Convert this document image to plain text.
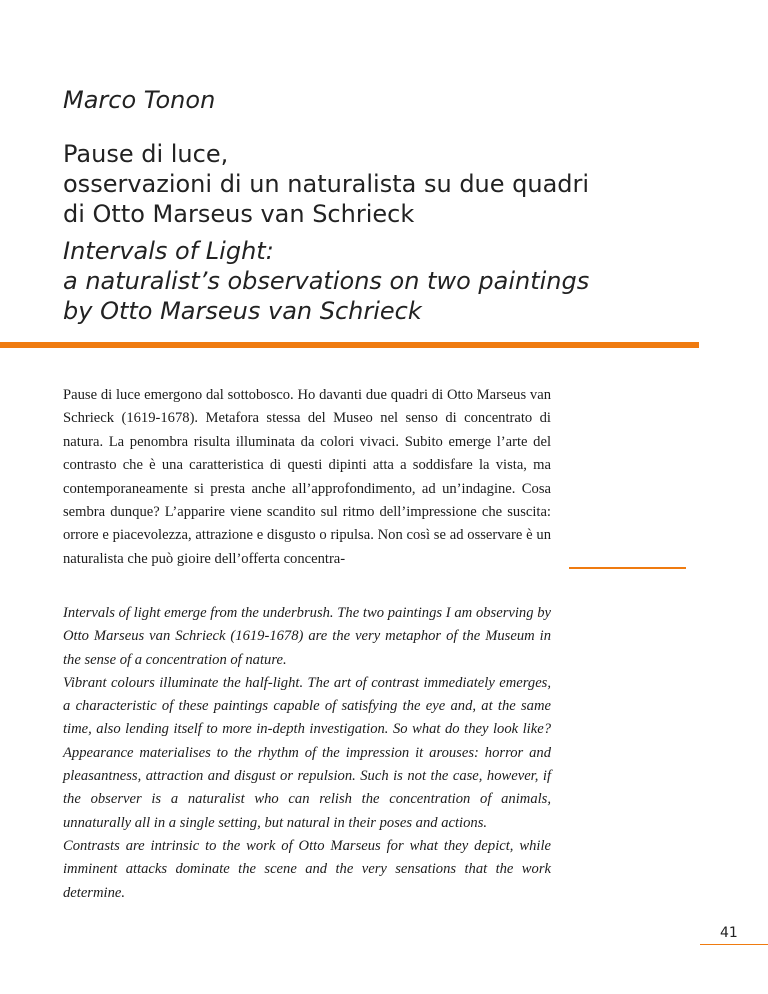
Marco Tonon
Pause di luce,
osservazioni di un naturalista su due quadri
di Otto Marseus van Schrieck
Intervals of Light:
a naturalist’s observations on two paintings
by Otto Marseus van Schrieck

Pause di luce emergono dal sottobosco. Ho davanti due quadri di Otto Marseus van Schrieck (1619-1678). Metafora stessa del Museo nel senso di concentrato di natura. La penombra risulta illuminata da colori vivaci. Subito emerge l’arte del contrasto che è una caratteristica di questi dipinti atta a soddisfare la vista, ma contemporaneamente si presta anche all’approfondimento, ad un’indagine. Cosa sembra dunque? L’apparire viene scandito sul ritmo dell’impressione che suscita: orrore e piacevolezza, attrazione e disgusto o ripulsa. Non così se ad osservare è un naturalista che può gioire dell’offerta concentra-

Intervals of light emerge from the underbrush. The two paintings I am observing by Otto Marseus van Schrieck (1619-1678) are the very metaphor of the Museum in the sense of a concentration of nature.

Vibrant colours illuminate the half-light. The art of contrast immediately emerges, a characteristic of these paintings capable of satisfying the eye and, at the same time, also lending itself to more in-depth investigation. So what do they look like? Appearance materialises to the rhythm of the impression it arouses: horror and pleasantness, attraction and disgust or repulsion. Such is not the case, however, if the observer is a naturalist who can relish the concentration of animals, unnaturally all in a single setting, but natural in their poses and actions.

Contrasts are intrinsic to the work of Otto Marseus for what they depict, while imminent attacks dominate the scene and the very sensations that the work determine.

41
